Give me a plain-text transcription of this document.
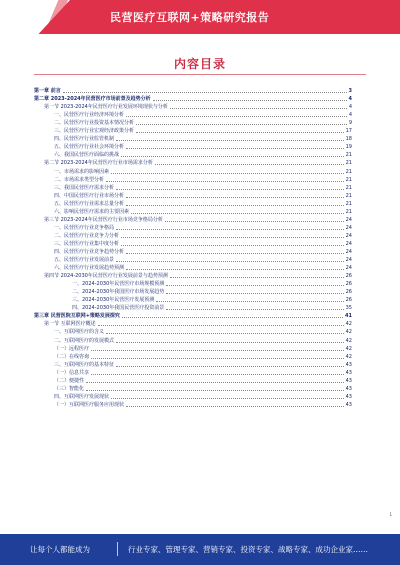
民营医疗互联网+策略研究报告
内容目录
第一章 前言	3
第二章 2023-2024年民营医疗市场前景及趋势分析	4
第一节 2023-2024年民营医疗行业发展环境现状与分析	4
一、民营医疗行业经济环境分析	4
二、民营医疗行业投资基本情况分析	9
三、民营医疗行业宏观经济政策分析	17
四、民营医疗行业监管机制	18
五、民营医疗行业社会环境分析	19
六、我国民营医疗面临的挑战	21
第二节 2023-2024年民营医疗行业市场需求分析	21
一、市场需求的影响因素	21
二、市场需求类型分析	21
三、我国民营医疗需求分析	21
四、中国民营医疗行业市场分析	21
五、民营医疗行业需求总量分析	21
六、影响民营医疗需求的主要因素	21
第三节 2023-2024年民营医疗行业市场竞争格局分析	24
一、民营医疗行业竞争格局	24
二、民营医疗行业竞争力分析	24
三、民营医疗行业集中度分析	24
四、民营医疗行业竞争趋势分析	24
五、民营医疗行业发展前景	24
六、民营医疗行业发展趋势预测	24
第四节 2024-2030年民营医疗行业发展前景与趋势预测	26
一、2024-2030年民营医疗市场规模预测	26
二、2024-2030年我国医疗市场发展趋势	26
三、2024-2030年民营医疗发展预测	26
四、2024-2030年我国民营医疗投资前景	35
第三章 民营医院互联网+策略发展探究	41
第一节 互联网医疗概述	42
一、互联网医疗的含义	42
二、互联网医疗的发展模式	42
（一）远程医疗	42
（二）在线咨询	42
三、互联网医疗的基本特征	43
（一）信息共享	43
（二）便捷性	43
（三）智能化	43
四、互联网医疗发展现状	43
（一）互联网医疗服务应用现状	43
1
让每个人都能成为	行业专家、管理专家、营销专家、投资专家、战略专家、成功企业家……
